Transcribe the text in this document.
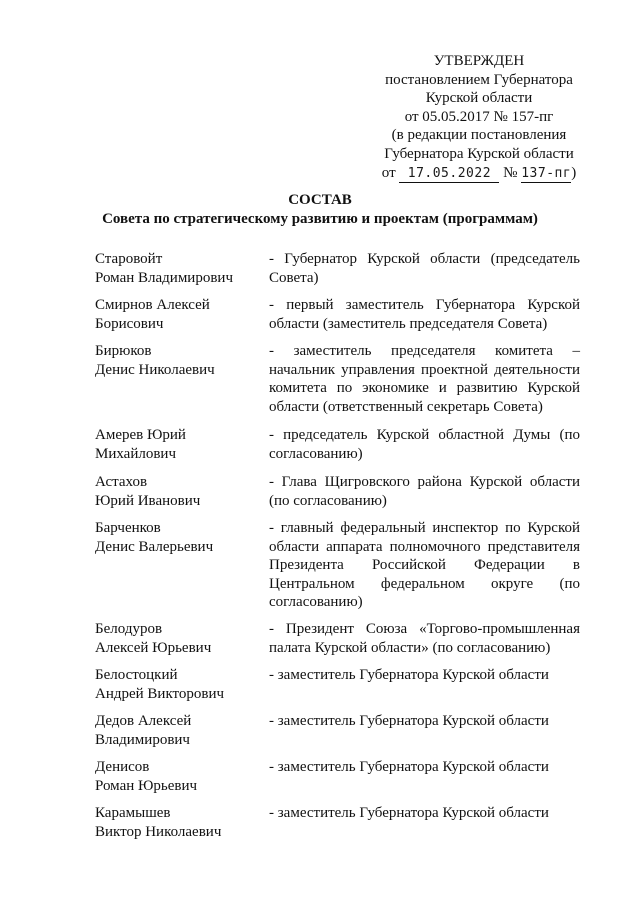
УТВЕРЖДЕН
постановлением Губернатора
Курской области
от 05.05.2017 № 157-пг
(в редакции постановления
Губернатора Курской области
от 17.05.2022 № 137-пг)
СОСТАВ
Совета по стратегическому развитию и проектам (программам)
Старовойт
Роман Владимирович
- Губернатор Курской области (председатель Совета)
Смирнов Алексей
Борисович
- первый заместитель Губернатора Курской области (заместитель председателя Совета)
Бирюков
Денис Николаевич
- заместитель председателя комитета – начальник управления проектной деятельности комитета по экономике и развитию Курской области (ответственный секретарь Совета)
Амерев Юрий
Михайлович
- председатель Курской областной Думы (по согласованию)
Астахов
Юрий Иванович
- Глава Щигровского района Курской области (по согласованию)
Барченков
Денис Валерьевич
- главный федеральный инспектор по Курской области аппарата полномочного представителя Президента Российской Федерации в Центральном федеральном округе (по согласованию)
Белодуров
Алексей Юрьевич
- Президент Союза «Торгово-промышленная палата Курской области» (по согласованию)
Белостоцкий
Андрей Викторович
- заместитель Губернатора Курской области
Дедов Алексей
Владимирович
- заместитель Губернатора Курской области
Денисов
Роман Юрьевич
- заместитель Губернатора Курской области
Карамышев
Виктор Николаевич
- заместитель Губернатора Курской области
